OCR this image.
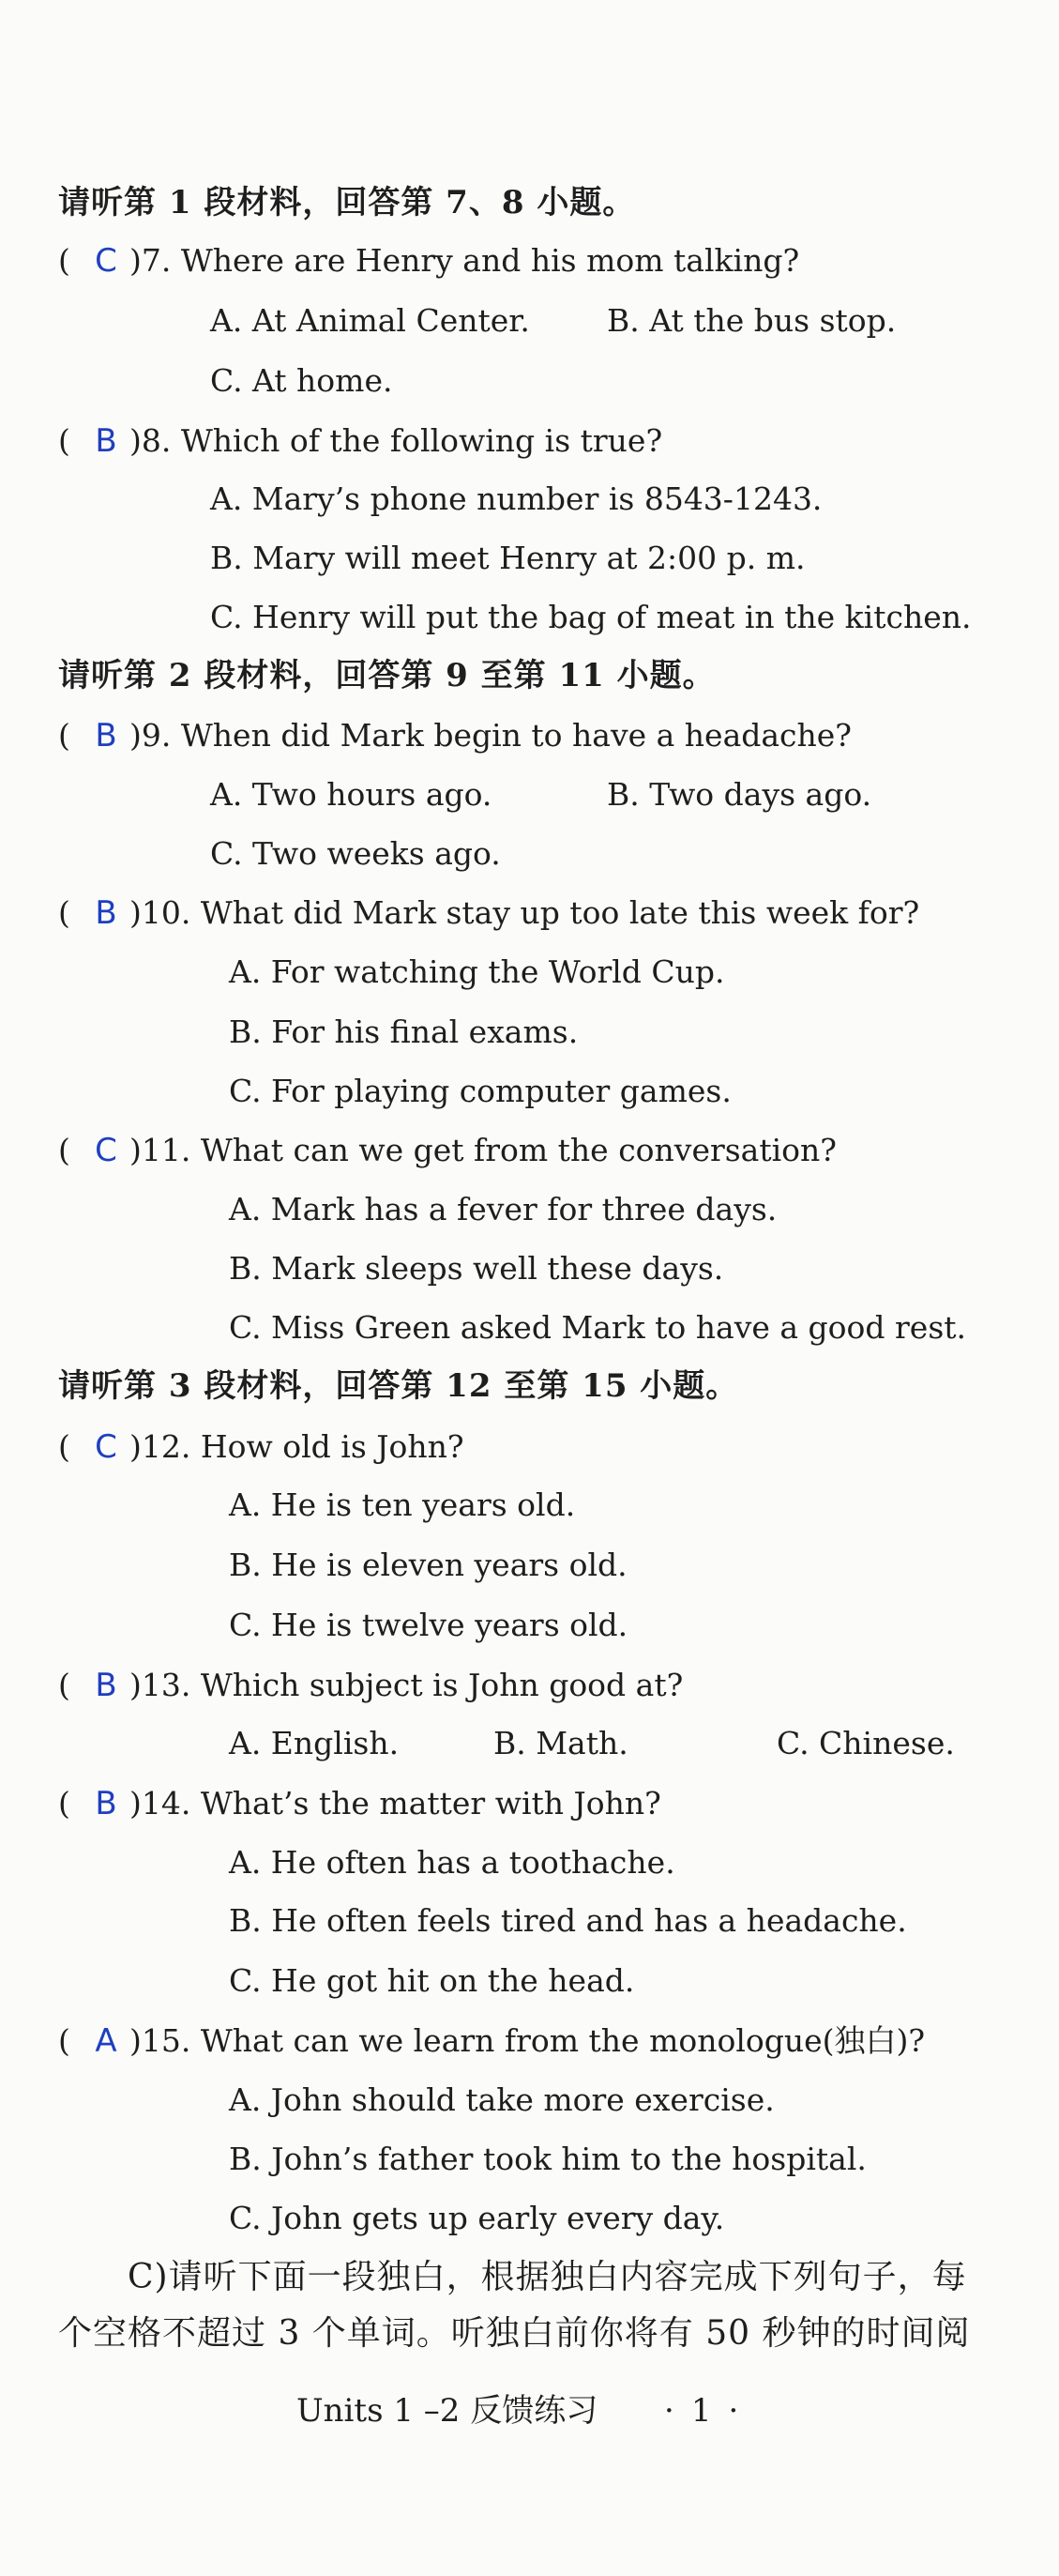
请听第 1 段材料，回答第 7、8 小题。
( C )7. Where are Henry and his mom talking?
A. At Animal Center. B. At the bus stop.
C. At home.
( B )8. Which of the following is true?
A. Mary’s phone number is 8543-1243.
B. Mary will meet Henry at 2:00 p. m.
C. Henry will put the bag of meat in the kitchen.
请听第 2 段材料，回答第 9 至第 11 小题。
( B )9. When did Mark begin to have a headache?
A. Two hours ago.	B. Two days ago.
C. Two weeks ago.
( B )10. What did Mark stay up too late this week for?
A. For watching the World Cup.
B. For his final exams.
C. For playing computer games.
( C )11. What can we get from the conversation?
A. Mark has a fever for three days.
B. Mark sleeps well these days.
C. Miss Green asked Mark to have a good rest.
请听第 3 段材料，回答第 12 至第 15 小题。
( C )12. How old is John?
A. He is ten years old.
B. He is eleven years old.
C. He is twelve years old.
( B )13. Which subject is John good at?
A. English.	B. Math.	C. Chinese.
( B )14. What’s the matter with John?
A. He often has a toothache.
B. He often feels tired and has a headache.
C. He got hit on the head.
( A )15. What can we learn from the monologue(独白)?
A. John should take more exercise.
B. John’s father took him to the hospital.
C. John gets up early every day.
C)请听下面一段独白，根据独白内容完成下列句子，每
个空格不超过 3 个单词。听独白前你将有 50 秒钟的时间阅
Units 1 –2 反馈练习 · 1 ·
